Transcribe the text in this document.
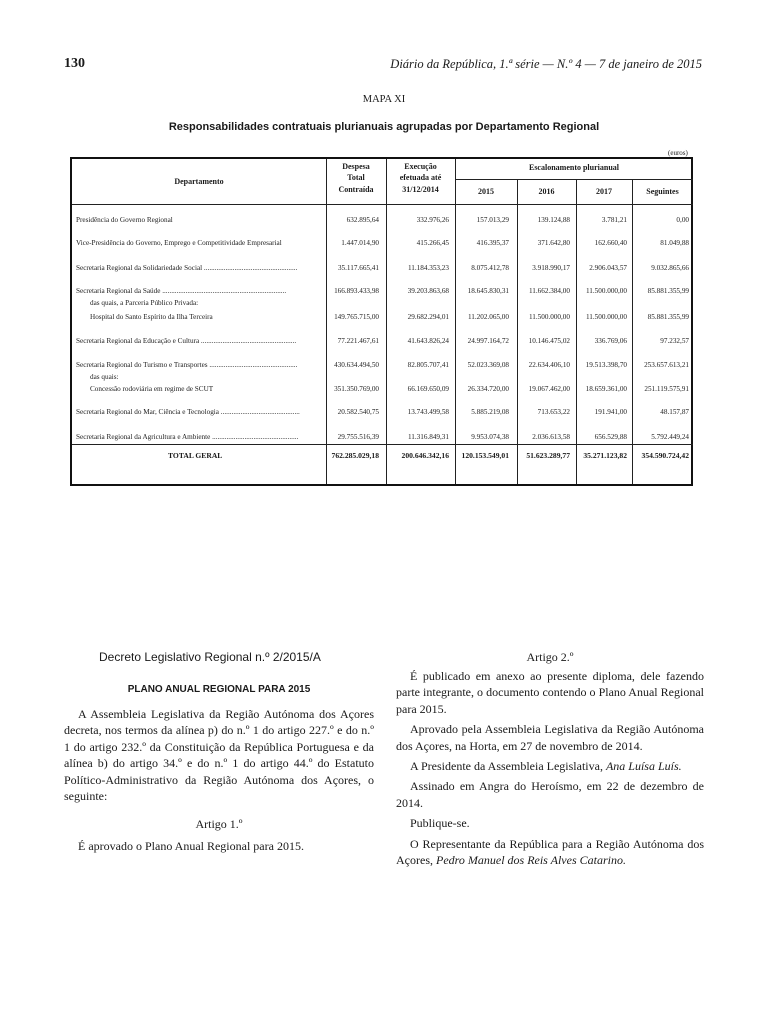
130	Diário da República, 1.ª série — N.º 4 — 7 de janeiro de 2015
MAPA XI
Responsabilidades contratuais plurianuais agrupadas por Departamento Regional
(euros)
Departamento
Despesa
Total
Contraída
Execução
efetuada até
31/12/2014
Escalonamento plurianual
2015	2016	2017	Seguintes
Presidência do Governo Regional	632.895,64	332.976,26	157.013,29	139.124,88	3.781,21	0,00
Vice-Presidência do Governo, Emprego e Competitividade Empresarial	1.447.014,90	415.266,45	416.395,37	371.642,80	162.660,40	81.049,88
Secretaria Regional da Solidariedade Social ....................................................	35.117.665,41	11.184.353,23	8.075.412,78	3.918.990,17	2.906.043,57	9.032.865,66
Secretaria Regional da Saúde .....................................................................	166.893.433,98	39.203.863,68	18.645.830,31	11.662.384,00 11.500.000,00	85.881.355,99
das quais, a Parceria Público Privada:
Hospital do Santo Espírito da Ilha Terceira	149.765.715,00	29.682.294,01	11.202.065,00	11.500.000,00 11.500.000,00	85.881.355,99
Secretaria Regional da Educação e Cultura .....................................................	77.221.467,61	41.643.826,24	24.997.164,72	10.146.475,02	336.769,06	97.232,57
Secretaria Regional do Turismo e Transportes .................................................	430.634.494,50	82.805.707,41	52.023.369,08	22.634.406,10 19.513.398,70 253.657.613,21
das quais:
Concessão rodoviária em regime de SCUT	351.350.769,00	66.169.650,09	26.334.720,00	19.067.462,00 18.659.361,00 251.119.575,91
Secretaria Regional do Mar, Ciência e Tecnologia ............................................	20.582.540,75	13.743.499,58	5.885.219,08	713.653,22	191.941,00	48.157,87
Secretaria Regional da Agricultura e Ambiente ................................................	29.755.516,39	11.316.849,31	9.953.074,38	2.036.613,58	656.529,88	5.792.449,24
TOTAL GERAL	762.285.029,18	200.646.342,16 120.153.549,01 51.623.289,77 35.271.123,82 354.590.724,42
Decreto Legislativo Regional n.º 2/2015/A
PLANO ANUAL REGIONAL PARA 2015

A Assembleia Legislativa da Região Autónoma dos Açores decreta, nos termos da alínea p) do n.º 1 do artigo 227.º e do n.º 1 do artigo 232.º da Constituição da República Portuguesa e da alínea b) do artigo 34.º e do n.º 1 do artigo 44.º do Estatuto Político-Administrativo da Região Autónoma dos Açores, o seguinte:

Artigo 1.º

É aprovado o Plano Anual Regional para 2015.

Artigo 2.º

É publicado em anexo ao presente diploma, dele fazendo parte integrante, o documento contendo o Plano Anual Regional para 2015.

Aprovado pela Assembleia Legislativa da Região Autónoma dos Açores, na Horta, em 27 de novembro de 2014.

A Presidente da Assembleia Legislativa, Ana Luísa Luís.

Assinado em Angra do Heroísmo, em 22 de dezembro de 2014.

Publique-se.

O Representante da República para a Região Autónoma dos Açores, Pedro Manuel dos Reis Alves Catarino.
